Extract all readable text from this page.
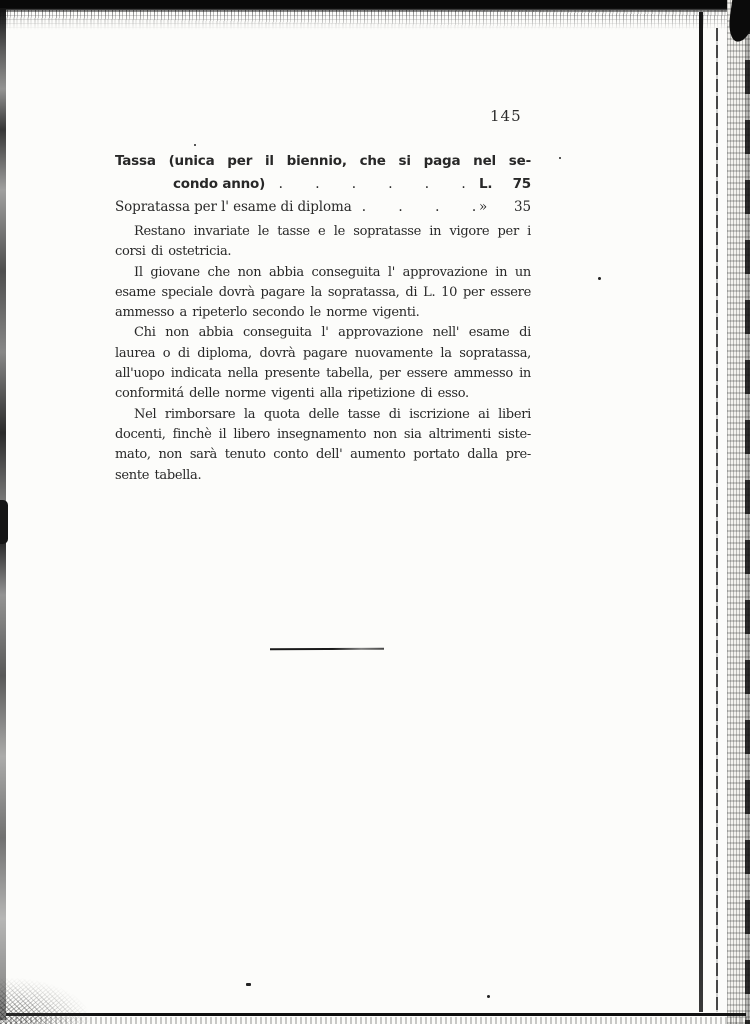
145
Tassa (unica per il biennio, che si paga nel se-
condo anno)	. . . . . .	L.	75
Sopratassa per l' esame di diploma . . . . »	35
Restano invariate le tasse e le sopratasse in vigore per i
corsi di ostetricia.
Il giovane che non abbia conseguita l' approvazione in un
esame speciale dovrà pagare la sopratassa, di L. 10 per essere
ammesso a ripeterlo secondo le norme vigenti.
Chi non abbia conseguita l' approvazione nell' esame di
laurea o di diploma, dovrà pagare nuovamente la sopratassa,
all'uopo indicata nella presente tabella, per essere ammesso in
conformitá delle norme vigenti alla ripetizione di esso.
Nel rimborsare la quota delle tasse di iscrizione ai liberi
docenti, finchè il libero insegnamento non sia altrimenti siste-
mato, non sarà tenuto conto dell' aumento portato dalla pre-
sente tabella.
